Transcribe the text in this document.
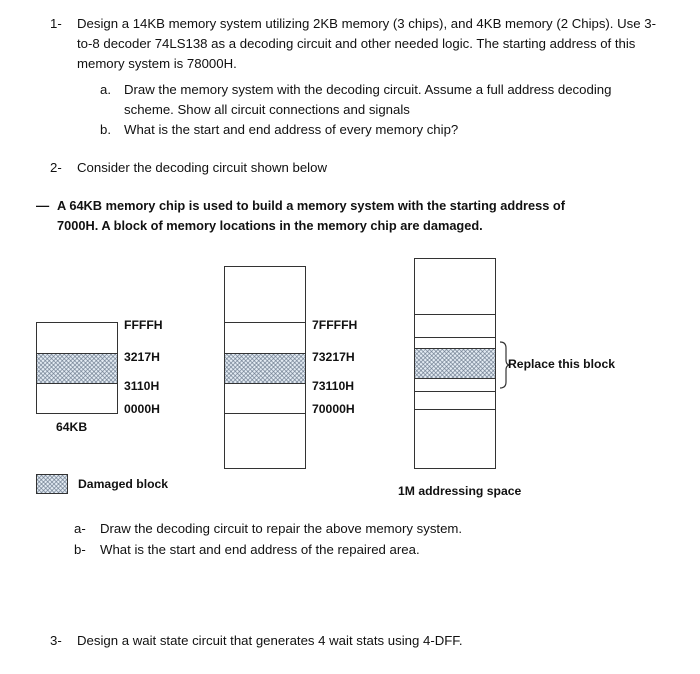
1- Design a 14KB memory system utilizing 2KB memory (3 chips), and 4KB memory (2 Chips). Use 3-to-8 decoder 74LS138 as a decoding circuit and other needed logic. The starting address of this memory system is 78000H.
a. Draw the memory system with the decoding circuit. Assume a full address decoding scheme. Show all circuit connections and signals
b. What is the start and end address of every memory chip?
2- Consider the decoding circuit shown below
— A 64KB memory chip is used to build a memory system with the starting address of 7000H. A block of memory locations in the memory chip are damaged.
FFFFH
3217H
3110H
0000H
64KB
7FFFFH
73217H
73110H
70000H
Replace this block
1M addressing space
Damaged block
a- Draw the decoding circuit to repair the above memory system.
b- What is the start and end address of the repaired area.
3- Design a wait state circuit that generates 4 wait stats using 4-DFF.
